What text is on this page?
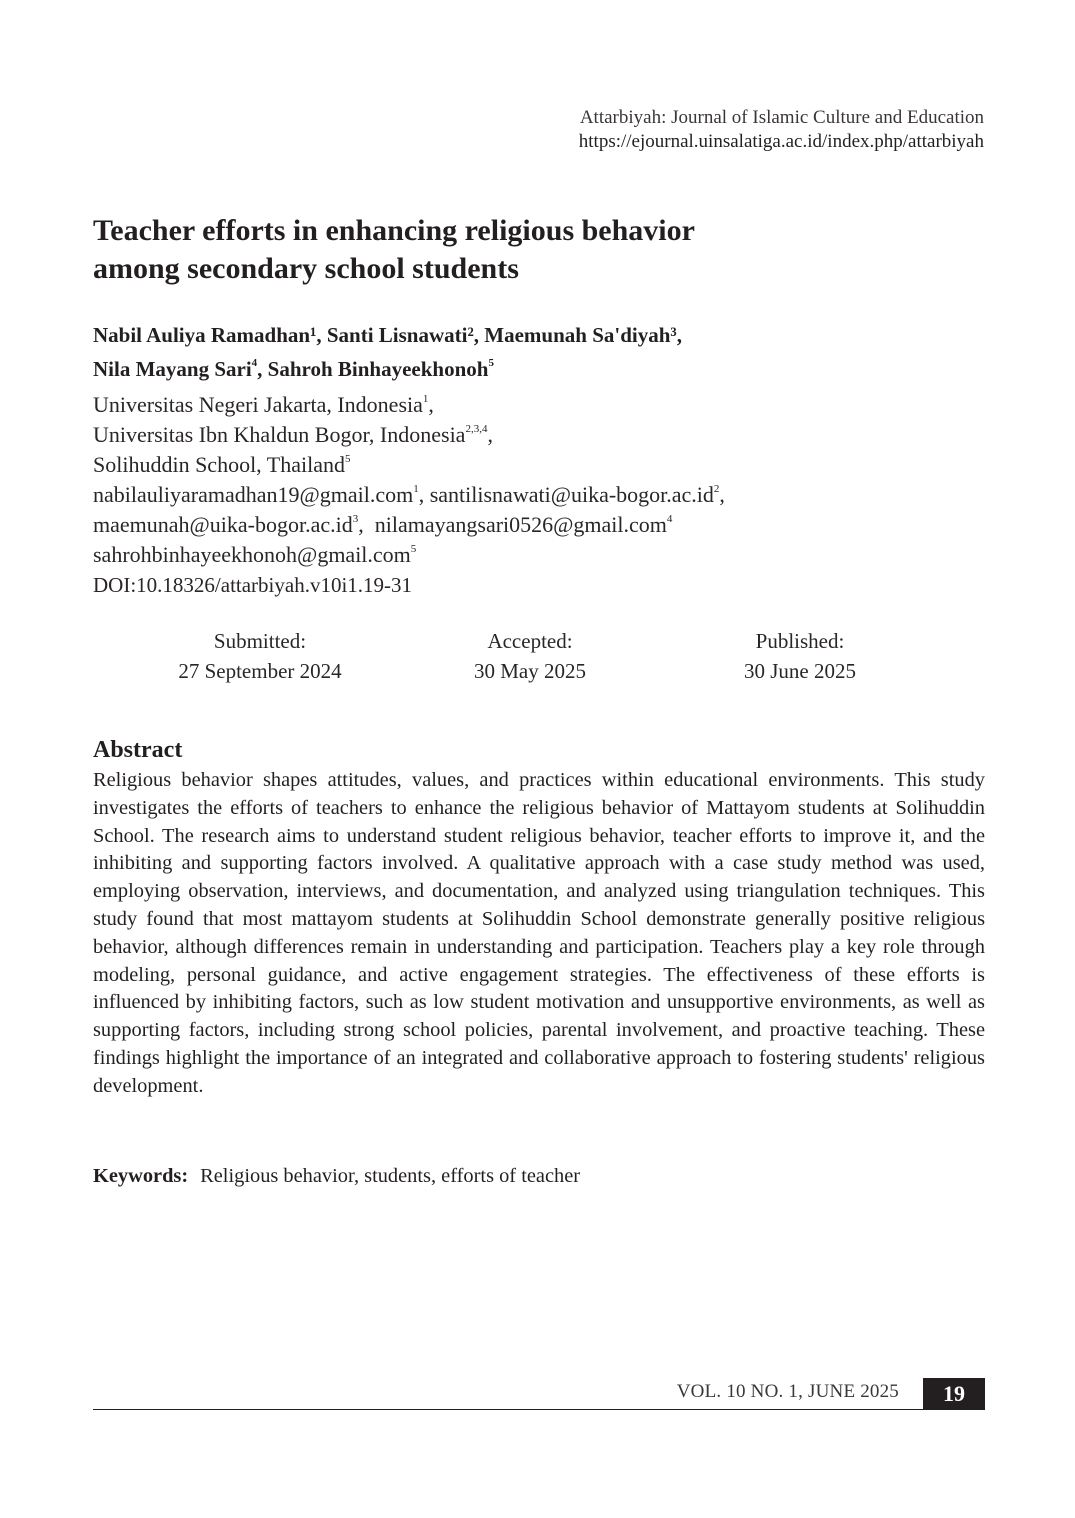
Attarbiyah: Journal of Islamic Culture and Education
https://ejournal.uinsalatiga.ac.id/index.php/attarbiyah
Teacher efforts in enhancing religious behavior
among secondary school students
Nabil Auliya Ramadhan¹, Santi Lisnawati², Maemunah Sa'diyah³,
Nila Mayang Sari$^4$, Sahroh Binhayeekhonoh$^5$
Universitas Negeri Jakarta, Indonesia$^1$,
Universitas Ibn Khaldun Bogor, Indonesia$^{2,3,4}$,
Solihuddin School, Thailand$^5$
nabilauliyaramadhan19@gmail.com$^1$, $santilisnawati@uika-bogor.ac.id^2$,
$maemunah@uika-bogor.ac.id^3$,  nilamayangsari0526@gmail.com$^4$
sahrohbinhayeekhonoh@gmail.com$^5$
DOI:10.18326/attarbiyah.v10i1.19-31
Submitted:
27 September 2024
Accepted:
30 May 2025
Published:
30 June 2025
Abstract

Religious behavior shapes attitudes, values, and practices within educational environments. This study investigates the efforts of teachers to enhance the religious behavior of Mattayom students at Solihuddin School. The research aims to understand student religious behavior, teacher efforts to improve it, and the inhibiting and supporting factors involved. A qualitative approach with a case study method was used, employing observation, interviews, and documentation, and analyzed using triangulation techniques. This study found that most mattayom students at Solihuddin School demonstrate generally positive religious behavior, although differences remain in understanding and participation. Teachers play a key role through modeling, personal guidance, and active engagement strategies. The effectiveness of these efforts is influenced by inhibiting factors, such as low student motivation and unsupportive environments, as well as supporting factors, including strong school policies, parental involvement, and proactive teaching. These findings highlight the importance of an integrated and collaborative approach to fostering students' religious development.

Keywords: Religious behavior, students, efforts of teacher
VOL. 10 NO. 1, JUNE 2025	19
